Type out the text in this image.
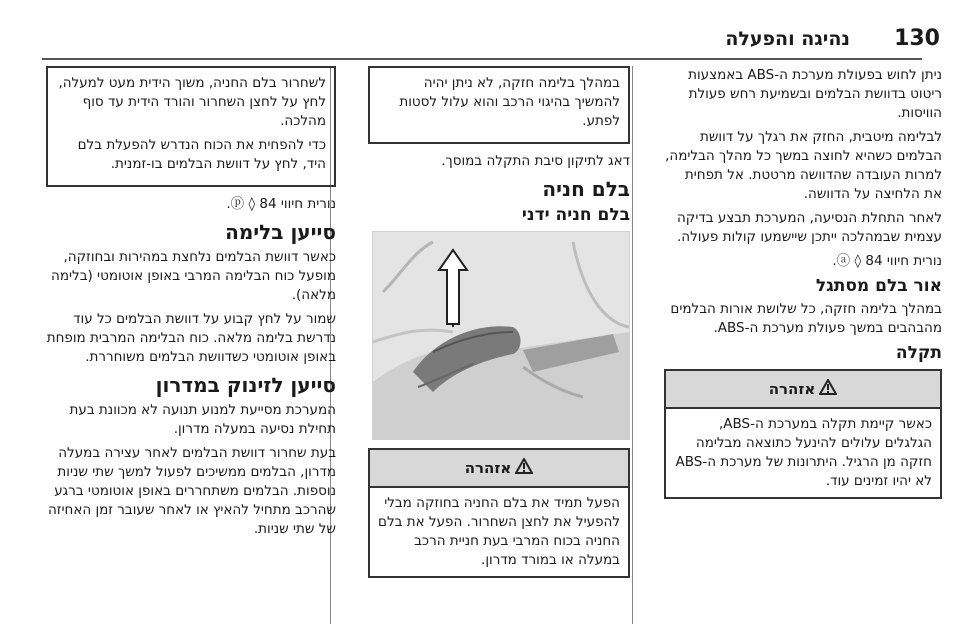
130
נהיגה והפעלה

ניתן לחוש בפעולת מערכת ה-ABS באמצעות ריטוט בדוושת הבלמים ובשמיעת רחש פעולת הוויסות.

לבלימה מיטבית, החזק את רגלך על דוושת הבלמים כשהיא לחוצה במשך כל מהלך הבלימה, למרות העובדה שהדוושה מרטטת. אל תפחית את הלחיצה על הדוושה.

לאחר התחלת הנסיעה, המערכת תבצע בדיקה עצמית שבמהלכה ייתכן שיישמעו קולות פעולה.

נורית חיווי ⓐ ◊ 84.

אור בלם מסתגל

במהלך בלימה חזקה, כל שלושת אורות הבלמים מהבהבים במשך פעולת מערכת ה-ABS.

תקלה
אזהרה

כאשר קיימת תקלה במערכת ה-ABS, הגלגלים עלולים להינעל כתוצאה מבלימה חזקה מן הרגיל. היתרונות של מערכת ה-ABS לא יהיו זמינים עוד.

במהלך בלימה חזקה, לא ניתן יהיה להמשיך בהיגוי הרכב והוא עלול לסטות לפתע.

דאג לתיקון סיבת התקלה במוסך.

בלם חניה
בלם חניה ידני
אזהרה

הפעל תמיד את בלם החניה בחוזקה מבלי להפעיל את לחצן השחרור. הפעל את בלם החניה בכוח המרבי בעת חניית הרכב במעלה או במורד מדרון.

לשחרור בלם החניה, משוך הידית מעט למעלה, לחץ על לחצן השחרור והורד הידית עד סוף מהלכה.

כדי להפחית את הכוח הנדרש להפעלת בלם היד, לחץ על דוושת הבלמים בו-זמנית.

נורית חיווי ⓟ ◊ 84.

סייען בלימה

כאשר דוושת הבלמים נלחצת במהירות ובחוזקה, מופעל כוח הבלימה המרבי באופן אוטומטי (בלימה מלאה).

שמור על לחץ קבוע על דוושת הבלמים כל עוד נדרשת בלימה מלאה. כוח הבלימה המרבית מופחת באופן אוטומטי כשדוושת הבלמים משוחררת.

סייען לזינוק במדרון

המערכת מסייעת למנוע תנועה לא מכוונת בעת תחילת נסיעה במעלה מדרון.

בעת שחרור דוושת הבלמים לאחר עצירה במעלה מדרון, הבלמים ממשיכים לפעול למשך שתי שניות נוספות. הבלמים משתחררים באופן אוטומטי ברגע שהרכב מתחיל להאיץ או לאחר שעובר זמן האחיזה של שתי שניות.
